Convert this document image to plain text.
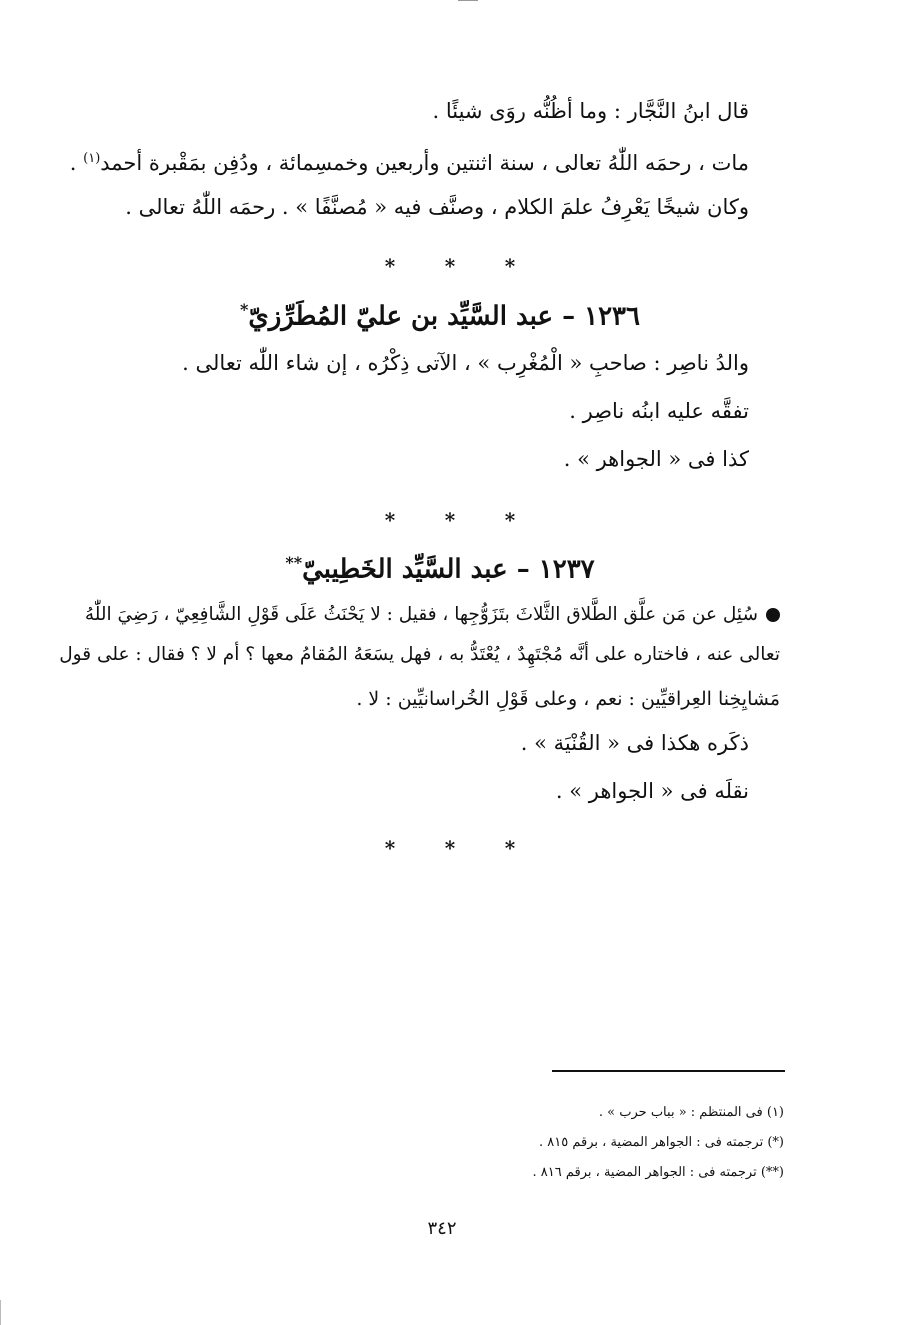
قال ابنُ النَّجَّار : وما أظُنُّه روَى شيئًا .
مات ، رحمَه اللّٰهُ تعالى ، سنة اثنتين وأربعين وخمسِمائة ، ودُفِن بمَقْبرة أحمد$^{(١)}$ .
وكان شيخًا يَعْرِفُ علمَ الكلام ، وصنَّف فيه « مُصنَّفًا » . رحمَه اللّٰهُ تعالى .
* * *
١٢٣٦ – عبد السَّيِّد بن عليّ المُطَرِّزيّ*
والدُ ناصِر : صاحبِ « الْمُغْرِب » ، الآتى ذِكْرُه ، إن شاء اللّٰه تعالى .
تفقَّه عليه ابنُه ناصِر .
كذا فى « الجواهر » .
* * *
١٢٣٧ – عبد السَّيِّد الخَطِيبيّ**
سُئِل عن مَن علَّق الطَّلاق الثَّلاثَ بتَزَوُّجِها ، فقيل : لا يَحْنَثُ عَلَى قَوْلِ الشَّافِعِيّ ، رَضِيَ اللّٰهُ
تعالى عنه ، فاختاره على أنَّه مُجْتَهِدٌ ، يُعْتَدُّ به ، فهل يسَعَهُ المُقامُ معها ؟ أم لا ؟ فقال : على قول
مَشايِخِنا العِراقيِّين : نعم ، وعلى قَوْلِ الخُراسانيِّين : لا .
ذكَره هكذا فى « القُنْيَة » .
نقلَه فى « الجواهر » .
* * *
(١) فى المنتظم : « بباب حرب » .
(*) ترجمته فى : الجواهر المضية ، برقم ٨١٥ .
(**) ترجمته فى : الجواهر المضية ، برقم ٨١٦ .
٣٤٢
